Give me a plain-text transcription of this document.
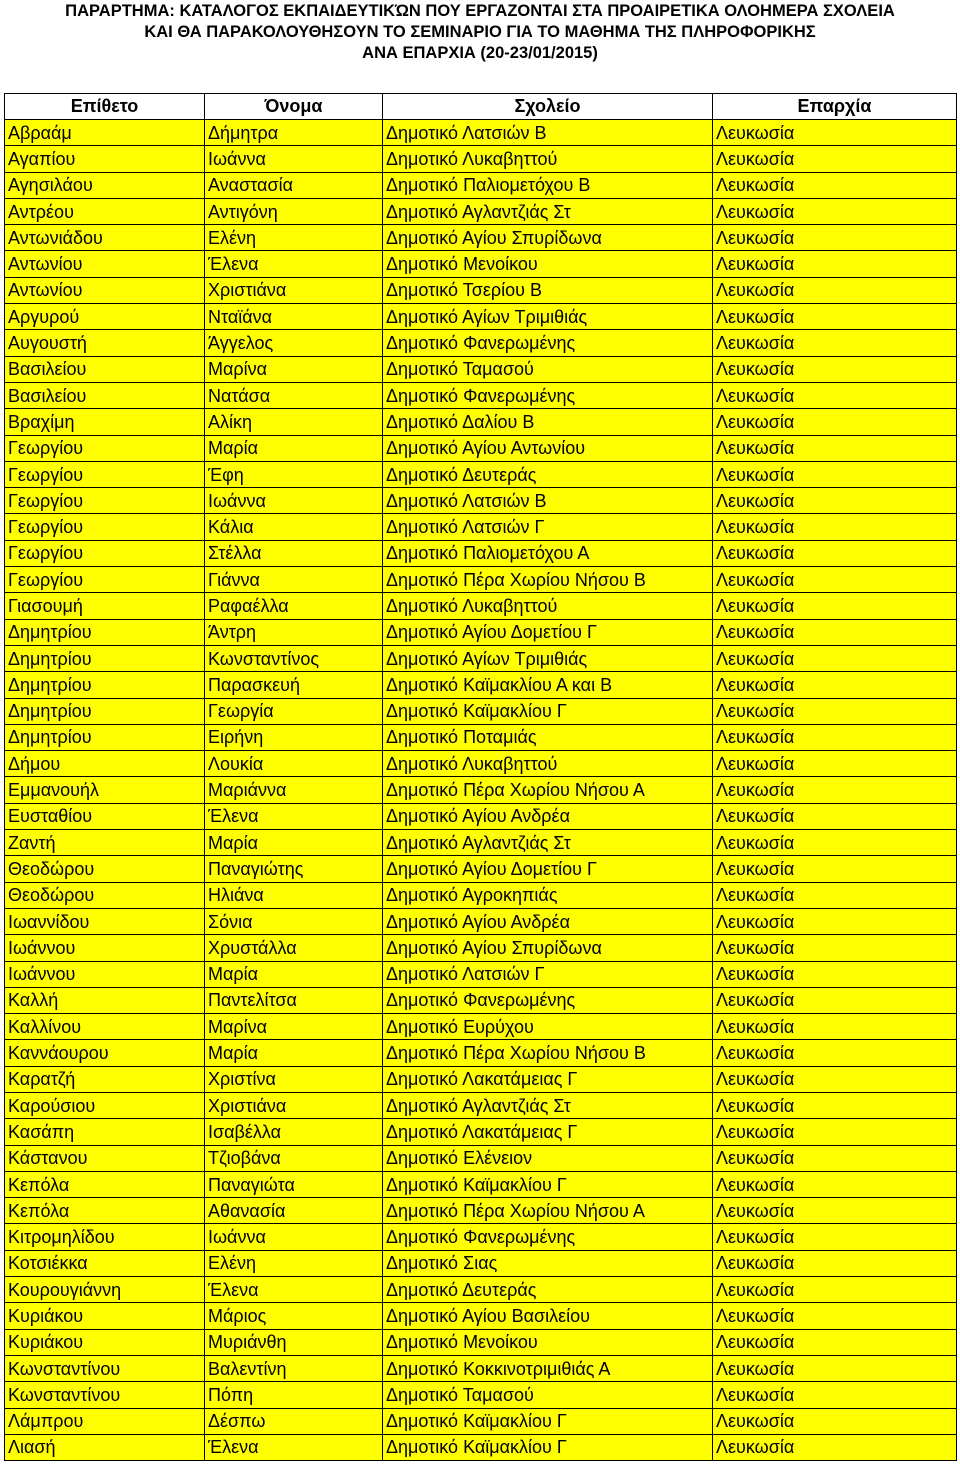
ΠΑΡΑΡΤΗΜΑ: ΚΑΤΑΛΟΓΟΣ ΕΚΠΑΙΔΕΥΤΙΚΏΝ ΠΟΥ ΕΡΓΑΖΟΝΤΑΙ ΣΤΑ ΠΡΟΑΙΡΕΤΙΚΑ ΟΛΟΗΜΕΡΑ ΣΧΟΛΕΙΑ
ΚΑΙ ΘΑ ΠΑΡΑΚΟΛΟΥΘΗΣΟΥΝ ΤΟ ΣΕΜΙΝΑΡΙΟ ΓΙΑ ΤΟ ΜΑΘΗΜΑ ΤΗΣ ΠΛΗΡΟΦΟΡΙΚΗΣ
ΑΝΑ ΕΠΑΡΧΙΑ (20-23/01/2015)
Επίθετο	Όνομα	Σχολείο	Επαρχία
Αβραάμ	Δήμητρα	Δημοτικό Λατσιών Β	Λευκωσία
Αγαπίου	Ιωάννα	Δημοτικό Λυκαβηττού	Λευκωσία
Αγησιλάου	Αναστασία	Δημοτικό Παλιομετόχου Β	Λευκωσία
Αντρέου	Αντιγόνη	Δημοτικό Αγλαντζιάς Στ	Λευκωσία
Αντωνιάδου	Ελένη	Δημοτικό Αγίου Σπυρίδωνα	Λευκωσία
Αντωνίου	Έλενα	Δημοτικό Μενοίκου	Λευκωσία
Αντωνίου	Χριστιάνα	Δημοτικό Τσερίου Β	Λευκωσία
Αργυρού	Νταϊάνα	Δημοτικό Αγίων Τριμιθιάς	Λευκωσία
Αυγουστή	Άγγελος	Δημοτικό Φανερωμένης	Λευκωσία
Βασιλείου	Μαρίνα	Δημοτικό Ταμασού	Λευκωσία
Βασιλείου	Νατάσα	Δημοτικό Φανερωμένης	Λευκωσία
Βραχίμη	Αλίκη	Δημοτικό Δαλίου Β	Λευκωσία
Γεωργίου	Μαρία	Δημοτικό Αγίου Αντωνίου	Λευκωσία
Γεωργίου	Έφη	Δημοτικό Δευτεράς	Λευκωσία
Γεωργίου	Ιωάννα	Δημοτικό Λατσιών Β	Λευκωσία
Γεωργίου	Κάλια	Δημοτικό Λατσιών Γ	Λευκωσία
Γεωργίου	Στέλλα	Δημοτικό Παλιομετόχου Α	Λευκωσία
Γεωργίου	Γιάννα	Δημοτικό Πέρα Χωρίου Νήσου Β	Λευκωσία
Γιασουμή	Ραφαέλλα	Δημοτικό Λυκαβηττού	Λευκωσία
Δημητρίου	Άντρη	Δημοτικό Αγίου Δομετίου Γ	Λευκωσία
Δημητρίου	Κωνσταντίνος	Δημοτικό Αγίων Τριμιθιάς	Λευκωσία
Δημητρίου	Παρασκευή	Δημοτικό Καϊμακλίου Α και Β	Λευκωσία
Δημητρίου	Γεωργία	Δημοτικό Καϊμακλίου Γ	Λευκωσία
Δημητρίου	Ειρήνη	Δημοτικό Ποταμιάς	Λευκωσία
Δήμου	Λουκία	Δημοτικό Λυκαβηττού	Λευκωσία
Εμμανουήλ	Μαριάννα	Δημοτικό Πέρα Χωρίου Νήσου Α	Λευκωσία
Ευσταθίου	Έλενα	Δημοτικό Αγίου Ανδρέα	Λευκωσία
Ζαντή	Μαρία	Δημοτικό Αγλαντζιάς Στ	Λευκωσία
Θεοδώρου	Παναγιώτης	Δημοτικό Αγίου Δομετίου Γ	Λευκωσία
Θεοδώρου	Ηλιάνα	Δημοτικό Αγροκηπιάς	Λευκωσία
Ιωαννίδου	Σόνια	Δημοτικό Αγίου Ανδρέα	Λευκωσία
Ιωάννου	Χρυστάλλα	Δημοτικό Αγίου Σπυρίδωνα	Λευκωσία
Ιωάννου	Μαρία	Δημοτικό Λατσιών Γ	Λευκωσία
Καλλή	Παντελίτσα	Δημοτικό Φανερωμένης	Λευκωσία
Καλλίνου	Μαρίνα	Δημοτικό Ευρύχου	Λευκωσία
Καννάουρου	Μαρία	Δημοτικό Πέρα Χωρίου Νήσου Β	Λευκωσία
Καρατζή	Χριστίνα	Δημοτικό Λακατάμειας Γ	Λευκωσία
Καρούσιου	Χριστιάνα	Δημοτικό Αγλαντζιάς Στ	Λευκωσία
Κασάπη	Ισαβέλλα	Δημοτικό Λακατάμειας Γ	Λευκωσία
Κάστανου	Τζιοβάνα	Δημοτικό Ελένειον	Λευκωσία
Κεπόλα	Παναγιώτα	Δημοτικό Καϊμακλίου Γ	Λευκωσία
Κεπόλα	Αθανασία	Δημοτικό Πέρα Χωρίου Νήσου Α	Λευκωσία
Κιτρομηλίδου	Ιωάννα	Δημοτικό Φανερωμένης	Λευκωσία
Κοτσιέκκα	Ελένη	Δημοτικό Σιας	Λευκωσία
Κουρουγιάννη	Έλενα	Δημοτικό Δευτεράς	Λευκωσία
Κυριάκου	Μάριος	Δημοτικό Αγίου Βασιλείου	Λευκωσία
Κυριάκου	Μυριάνθη	Δημοτικό Μενοίκου	Λευκωσία
Κωνσταντίνου	Βαλεντίνη	Δημοτικό Κοκκινοτριμιθιάς Α	Λευκωσία
Κωνσταντίνου	Πόπη	Δημοτικό Ταμασού	Λευκωσία
Λάμπρου	Δέσπω	Δημοτικό Καϊμακλίου Γ	Λευκωσία
Λιασή	Έλενα	Δημοτικό Καϊμακλίου Γ	Λευκωσία
